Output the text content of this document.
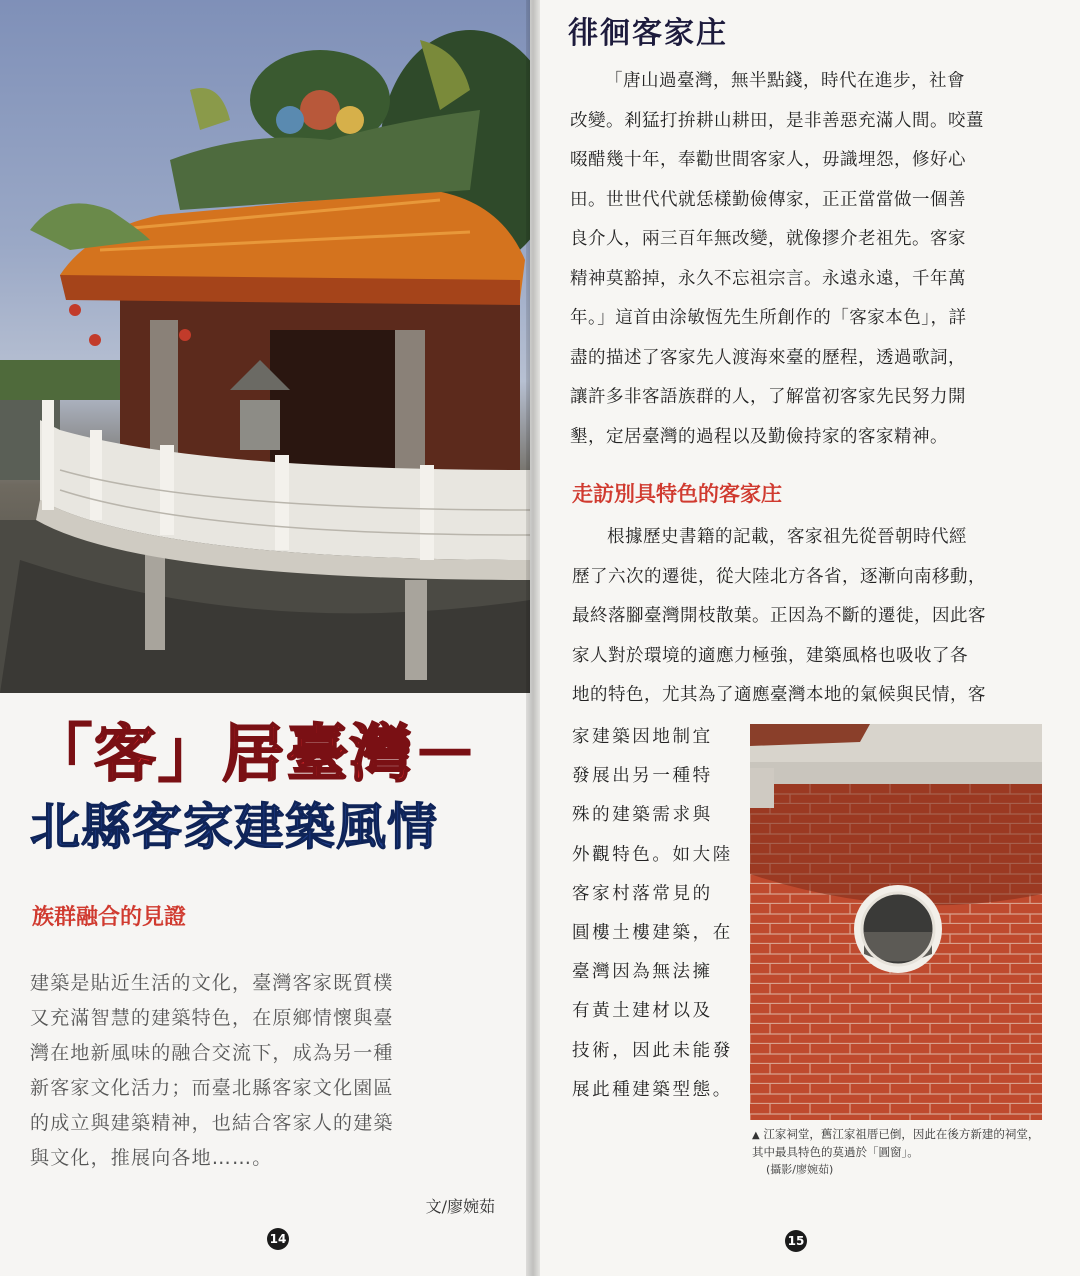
「客」居臺灣－
北縣客家建築風情
族群融合的見證
建築是貼近生活的文化，臺灣客家既質樸
又充滿智慧的建築特色，在原鄉情懷與臺
灣在地新風味的融合交流下，成為另一種
新客家文化活力；而臺北縣客家文化園區
的成立與建築精神，也結合客家人的建築
與文化，推展向各地……。
文/廖婉茹
14
徘徊客家庄
「唐山過臺灣，無半點錢，時代在進步，社會
改變。剎猛打拚耕山耕田，是非善惡充滿人間。咬薑
啜醋幾十年，奉勸世間客家人，毋識埋怨，修好心
田。世世代代就恁樣勤儉傳家，正正當當做一個善
良介人，兩三百年無改變，就像摎介老祖先。客家
精神莫豁掉，永久不忘祖宗言。永遠永遠，千年萬
年。」這首由涂敏恆先生所創作的「客家本色」，詳
盡的描述了客家先人渡海來臺的歷程，透過歌詞，
讓許多非客語族群的人，了解當初客家先民努力開
墾，定居臺灣的過程以及勤儉持家的客家精神。
走訪別具特色的客家庄
根據歷史書籍的記載，客家祖先從晉朝時代經
歷了六次的遷徙，從大陸北方各省，逐漸向南移動，
最終落腳臺灣開枝散葉。正因為不斷的遷徙，因此客
家人對於環境的適應力極強，建築風格也吸收了各
地的特色，尤其為了適應臺灣本地的氣候與民情，客
家建築因地制宜
發展出另一種特
殊的建築需求與
外觀特色。如大陸
客家村落常見的
圓樓土樓建築，在
臺灣因為無法擁
有黃土建材以及
技術，因此未能發
展此種建築型態。

▲ 江家祠堂，舊江家祖厝已倒，因此在後方新建的祠堂，其中最具特色的莫過於「圓窗」。
(攝影/廖婉茹)

15
